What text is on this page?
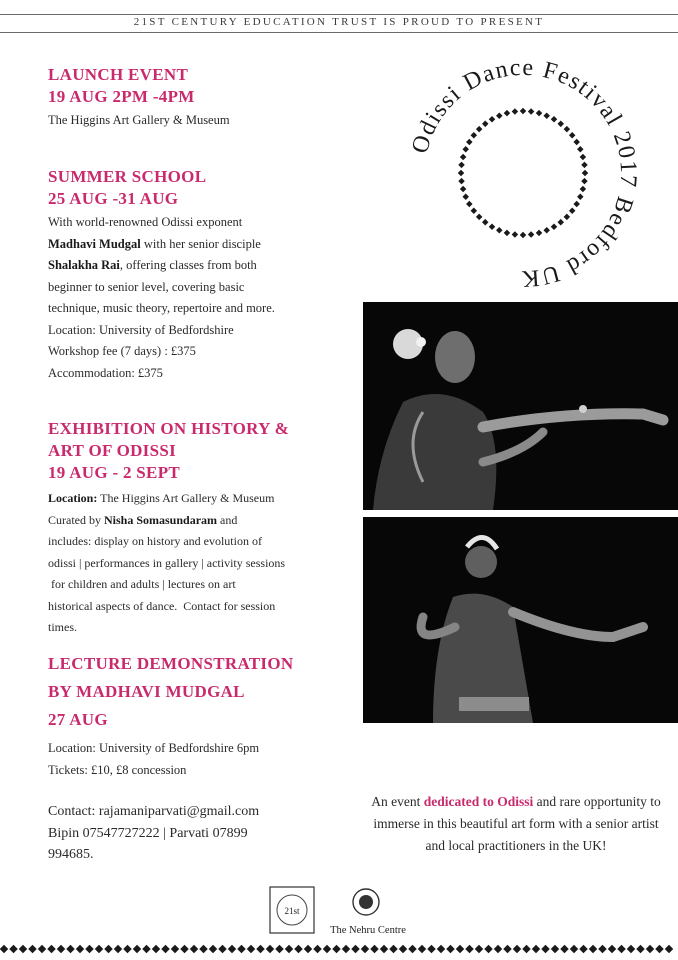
21ST CENTURY EDUCATION TRUST IS PROUD TO PRESENT
LAUNCH EVENT
19 AUG 2PM -4PM
The Higgins Art Gallery & Museum
SUMMER SCHOOL
25 AUG -31 AUG
With world-renowned Odissi exponent
Madhavi Mudgal with her senior disciple
Shalakha Rai, offering classes from both
beginner to senior level, covering basic
technique, music theory, repertoire and more.
Location: University of Bedfordshire
Workshop fee (7 days) : £375
Accommodation: £375
EXHIBITION ON HISTORY &
ART OF ODISSI
19 AUG - 2 SEPT
Location: The Higgins Art Gallery & Museum
Curated by Nisha Somasundaram and
includes: display on history and evolution of
odissi | performances in gallery | activity sessions
for children and adults | lectures on art
historical aspects of dance.  Contact for session
times.
LECTURE DEMONSTRATION
BY MADHAVI MUDGAL
27 AUG
Location: University of Bedfordshire 6pm
Tickets: £10, £8 concession
Contact: rajamaniparvati@gmail.com
Bipin 07547727222 | Parvati 07899
994685.
Odissi Dance Festival 2017 Bedford UK
An event dedicated to Odissi and rare opportunity to immerse in this beautiful art form with a senior artist and local practitioners in the UK!
21st
The Nehru Centre
